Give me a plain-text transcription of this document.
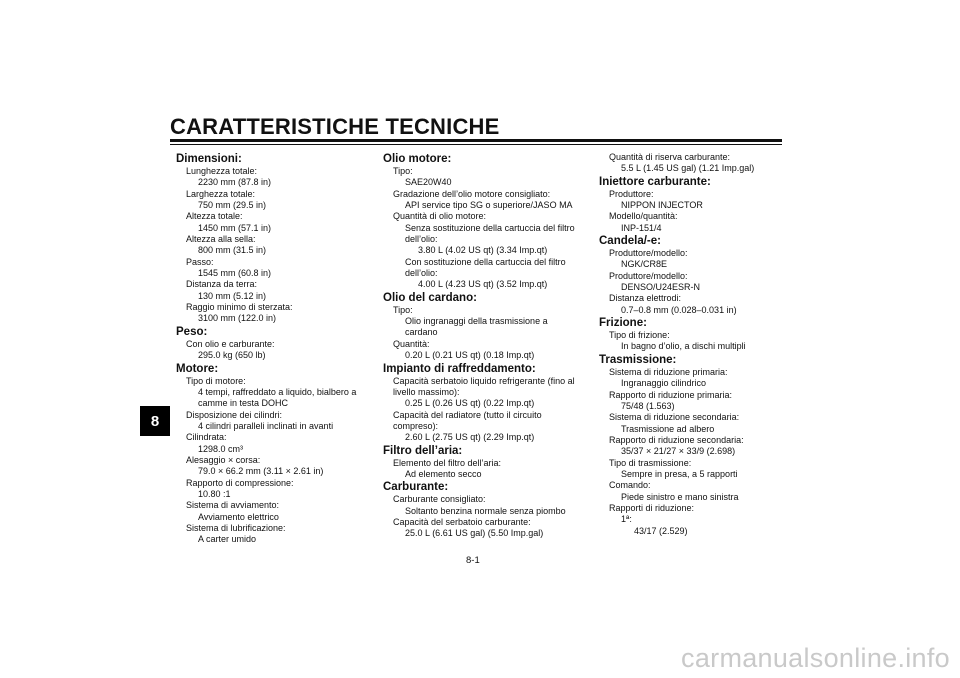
CARATTERISTICHE TECNICHE
8
Dimensioni:
Lunghezza totale:
2230 mm (87.8 in)
Larghezza totale:
750 mm (29.5 in)
Altezza totale:
1450 mm (57.1 in)
Altezza alla sella:
800 mm (31.5 in)
Passo:
1545 mm (60.8 in)
Distanza da terra:
130 mm (5.12 in)
Raggio minimo di sterzata:
3100 mm (122.0 in)
Peso:
Con olio e carburante:
295.0 kg (650 lb)
Motore:
Tipo di motore:
4 tempi, raffreddato a liquido, bialbero a
camme in testa DOHC
Disposizione dei cilindri:
4 cilindri paralleli inclinati in avanti
Cilindrata:
1298.0 cm³
Alesaggio × corsa:
79.0 × 66.2 mm (3.11 × 2.61 in)
Rapporto di compressione:
10.80 :1
Sistema di avviamento:
Avviamento elettrico
Sistema di lubrificazione:
A carter umido
Olio motore:
Tipo:
SAE20W40
Gradazione dell’olio motore consigliato:
API service tipo SG o superiore/JASO MA
Quantità di olio motore:
Senza sostituzione della cartuccia del filtro
dell’olio:
3.80 L (4.02 US qt) (3.34 Imp.qt)
Con sostituzione della cartuccia del filtro
dell’olio:
4.00 L (4.23 US qt) (3.52 Imp.qt)
Olio del cardano:
Tipo:
Olio ingranaggi della trasmissione a
cardano
Quantità:
0.20 L (0.21 US qt) (0.18 Imp.qt)
Impianto di raffreddamento:
Capacità serbatoio liquido refrigerante (fino al
livello massimo):
0.25 L (0.26 US qt) (0.22 Imp.qt)
Capacità del radiatore (tutto il circuito
compreso):
2.60 L (2.75 US qt) (2.29 Imp.qt)
Filtro dell’aria:
Elemento del filtro dell’aria:
Ad elemento secco
Carburante:
Carburante consigliato:
Soltanto benzina normale senza piombo
Capacità del serbatoio carburante:
25.0 L (6.61 US gal) (5.50 Imp.gal)
Quantità di riserva carburante:
5.5 L (1.45 US gal) (1.21 Imp.gal)
Iniettore carburante:
Produttore:
NIPPON INJECTOR
Modello/quantità:
INP-151/4
Candela/-e:
Produttore/modello:
NGK/CR8E
Produttore/modello:
DENSO/U24ESR-N
Distanza elettrodi:
0.7–0.8 mm (0.028–0.031 in)
Frizione:
Tipo di frizione:
In bagno d’olio, a dischi multipli
Trasmissione:
Sistema di riduzione primaria:
Ingranaggio cilindrico
Rapporto di riduzione primaria:
75/48 (1.563)
Sistema di riduzione secondaria:
Trasmissione ad albero
Rapporto di riduzione secondaria:
35/37 × 21/27 × 33/9 (2.698)
Tipo di trasmissione:
Sempre in presa, a 5 rapporti
Comando:
Piede sinistro e mano sinistra
Rapporti di riduzione:
1ª:
43/17 (2.529)
8-1
carmanualsonline.info
